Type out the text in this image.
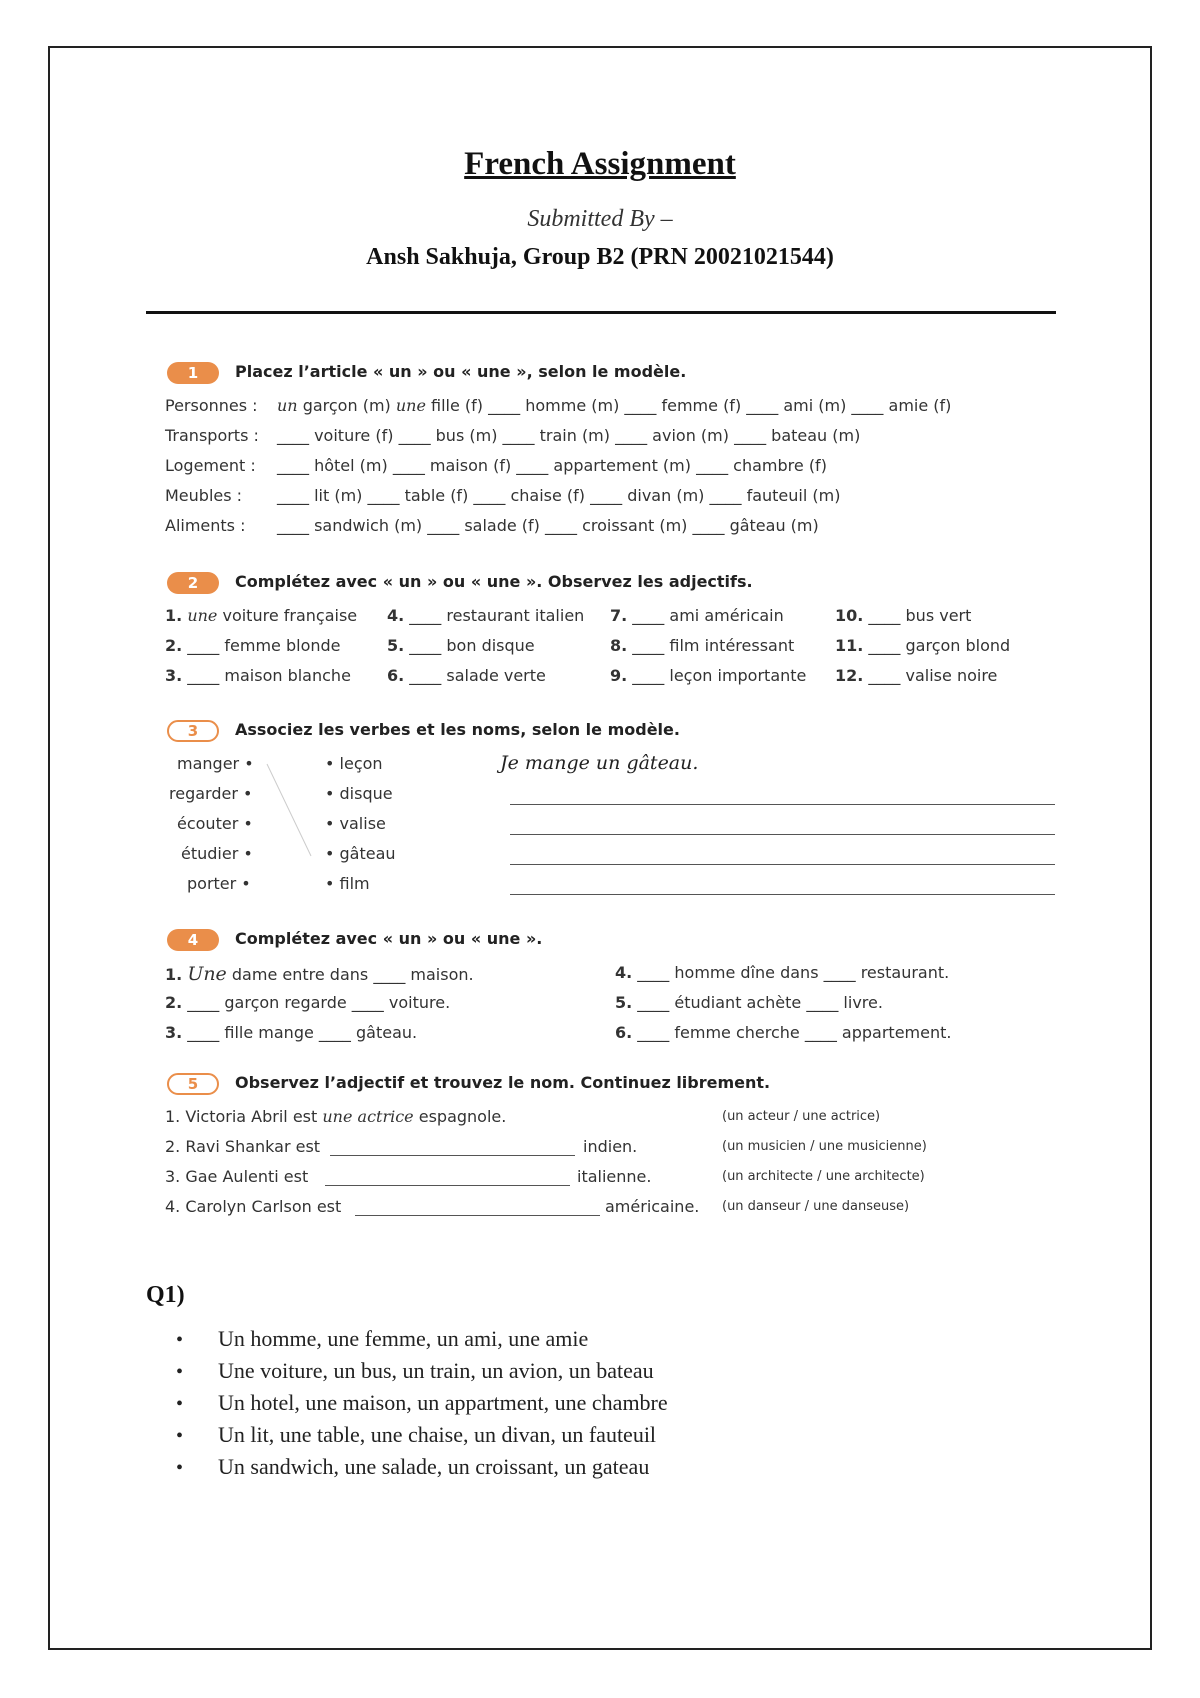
French Assignment
Submitted By –
Ansh Sakhuja, Group B2 (PRN 20021021544)
1	Placez l’article « un » ou « une », selon le modèle.
Personnes : un garçon (m) une fille (f) ____ homme (m) ____ femme (f) ____ ami (m) ____ amie (f)
Transports : ____ voiture (f) ____ bus (m) ____ train (m) ____ avion (m) ____ bateau (m)
Logement : ____ hôtel (m) ____ maison (f) ____ appartement (m) ____ chambre (f)
Meubles : ____ lit (m) ____ table (f) ____ chaise (f) ____ divan (m) ____ fauteuil (m)
Aliments : ____ sandwich (m) ____ salade (f) ____ croissant (m) ____ gâteau (m)
2	Complétez avec « un » ou « une ». Observez les adjectifs.
1. une voiture française 4. ____ restaurant italien 7. ____ ami américain	10. ____ bus vert
2. ____ femme blonde	5. ____ bon disque	8. ____ film intéressant	11. ____ garçon blond
3. ____ maison blanche 6. ____ salade verte	9. ____ leçon importante 12. ____ valise noire
3	Associez les verbes et les noms, selon le modèle.
manger •
regarder •
écouter •
étudier •
porter •
• leçon
• disque
• valise
• gâteau
• film
Je mange un gâteau.
4	Complétez avec « un » ou « une ».
1. Une dame entre dans ____ maison.	4. ____ homme dîne dans ____ restaurant.
2. ____ garçon regarde ____ voiture.	5. ____ étudiant achète ____ livre.
3. ____ fille mange ____ gâteau.	6. ____ femme cherche ____ appartement.
5	Observez l’adjectif et trouvez le nom. Continuez librement.
1. Victoria Abril est une actrice espagnole.	(un acteur / une actrice)
2. Ravi Shankar est	indien.	(un musicien / une musicienne)
3. Gae Aulenti est	italienne.	(un architecte / une architecte)
4. Carolyn Carlson est	américaine. (un danseur / une danseuse)
Q1)
• Un homme, une femme, un ami, une amie
• Une voiture, un bus, un train, un avion, un bateau
• Un hotel, une maison, un appartment, une chambre
• Un lit, une table, une chaise, un divan, un fauteuil
• Un sandwich, une salade, un croissant, un gateau
